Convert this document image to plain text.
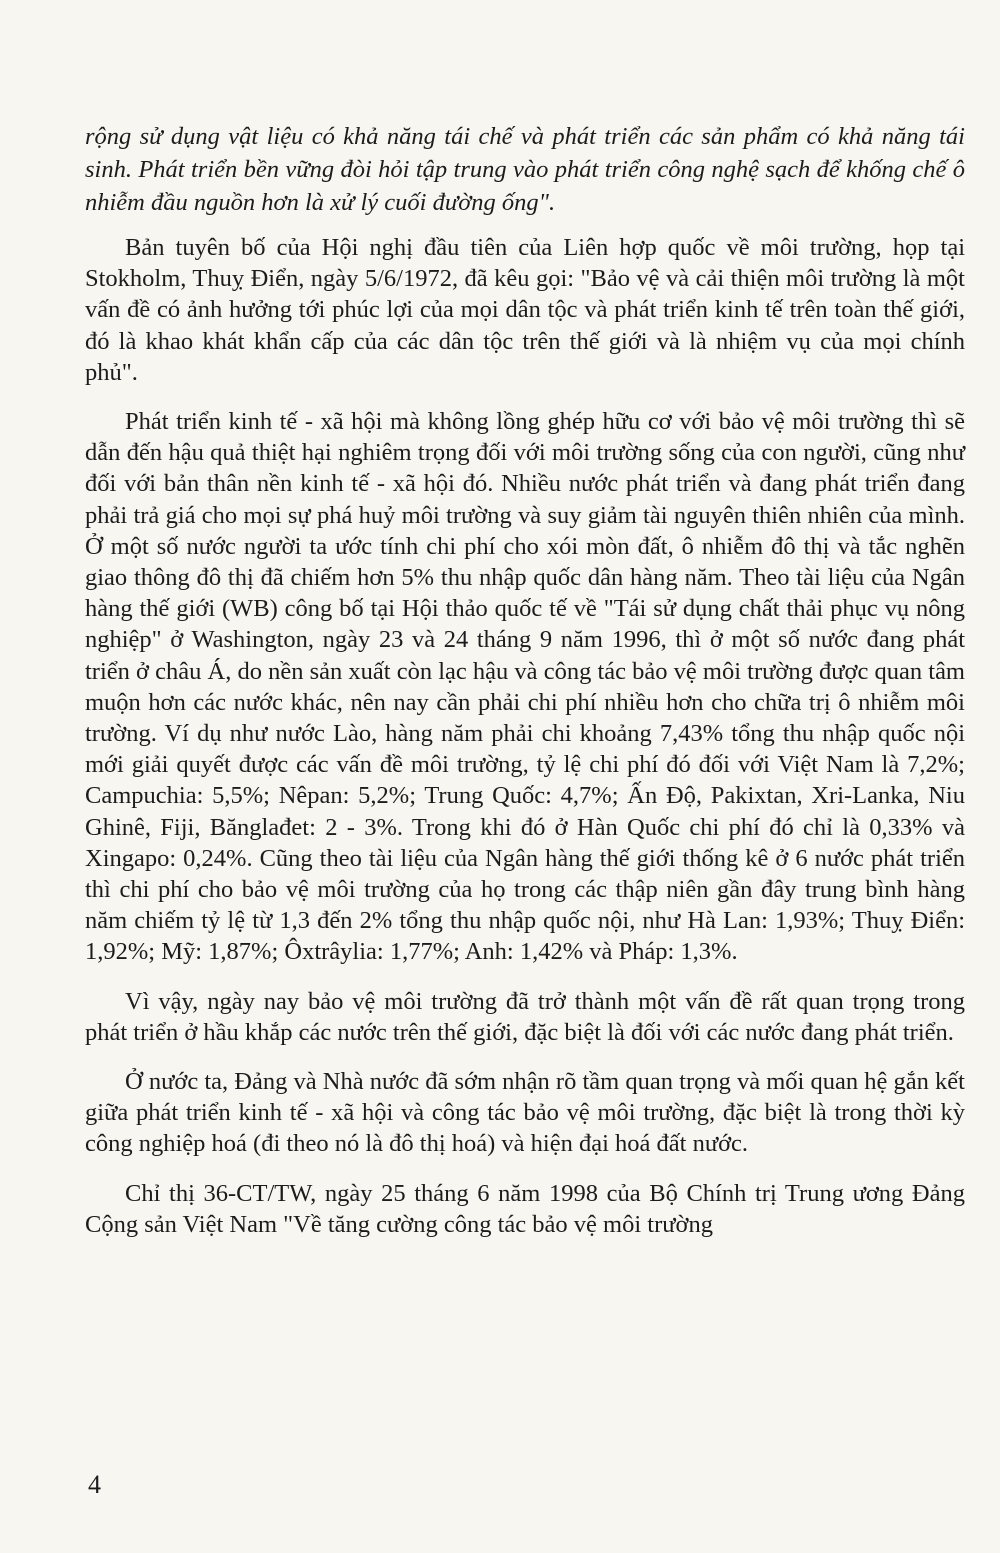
rộng sử dụng vật liệu có khả năng tái chế và phát triển các sản phẩm có khả năng tái sinh. Phát triển bền vững đòi hỏi tập trung vào phát triển công nghệ sạch để khống chế ô nhiễm đầu nguồn hơn là xử lý cuối đường ống".

Bản tuyên bố của Hội nghị đầu tiên của Liên hợp quốc về môi trường, họp tại Stokholm, Thuỵ Điển, ngày 5/6/1972, đã kêu gọi: "Bảo vệ và cải thiện môi trường là một vấn đề có ảnh hưởng tới phúc lợi của mọi dân tộc và phát triển kinh tế trên toàn thế giới, đó là khao khát khẩn cấp của các dân tộc trên thế giới và là nhiệm vụ của mọi chính phủ".

Phát triển kinh tế - xã hội mà không lồng ghép hữu cơ với bảo vệ môi trường thì sẽ dẫn đến hậu quả thiệt hại nghiêm trọng đối với môi trường sống của con người, cũng như đối với bản thân nền kinh tế - xã hội đó. Nhiều nước phát triển và đang phát triển đang phải trả giá cho mọi sự phá huỷ môi trường và suy giảm tài nguyên thiên nhiên của mình. Ở một số nước người ta ước tính chi phí cho xói mòn đất, ô nhiễm đô thị và tắc nghẽn giao thông đô thị đã chiếm hơn 5% thu nhập quốc dân hàng năm. Theo tài liệu của Ngân hàng thế giới (WB) công bố tại Hội thảo quốc tế về "Tái sử dụng chất thải phục vụ nông nghiệp" ở Washington, ngày 23 và 24 tháng 9 năm 1996, thì ở một số nước đang phát triển ở châu Á, do nền sản xuất còn lạc hậu và công tác bảo vệ môi trường được quan tâm muộn hơn các nước khác, nên nay cần phải chi phí nhiều hơn cho chữa trị ô nhiễm môi trường. Ví dụ như nước Lào, hàng năm phải chi khoảng 7,43% tổng thu nhập quốc nội mới giải quyết được các vấn đề môi trường, tỷ lệ chi phí đó đối với Việt Nam là 7,2%; Campuchia: 5,5%; Nêpan: 5,2%; Trung Quốc: 4,7%; Ấn Độ, Pakixtan, Xri-Lanka, Niu Ghinê, Fiji, Bănglađet: 2 - 3%. Trong khi đó ở Hàn Quốc chi phí đó chỉ là 0,33% và Xingapo: 0,24%. Cũng theo tài liệu của Ngân hàng thế giới thống kê ở 6 nước phát triển thì chi phí cho bảo vệ môi trường của họ trong các thập niên gần đây trung bình hàng năm chiếm tỷ lệ từ 1,3 đến 2% tổng thu nhập quốc nội, như Hà Lan: 1,93%; Thuỵ Điển: 1,92%; Mỹ: 1,87%; Ôxtrâylia: 1,77%; Anh: 1,42% và Pháp: 1,3%.

Vì vậy, ngày nay bảo vệ môi trường đã trở thành một vấn đề rất quan trọng trong phát triển ở hầu khắp các nước trên thế giới, đặc biệt là đối với các nước đang phát triển.

Ở nước ta, Đảng và Nhà nước đã sớm nhận rõ tầm quan trọng và mối quan hệ gắn kết giữa phát triển kinh tế - xã hội và công tác bảo vệ môi trường, đặc biệt là trong thời kỳ công nghiệp hoá (đi theo nó là đô thị hoá) và hiện đại hoá đất nước.

Chỉ thị 36-CT/TW, ngày 25 tháng 6 năm 1998 của Bộ Chính trị Trung ương Đảng Cộng sản Việt Nam "Về tăng cường công tác bảo vệ môi trường

4
